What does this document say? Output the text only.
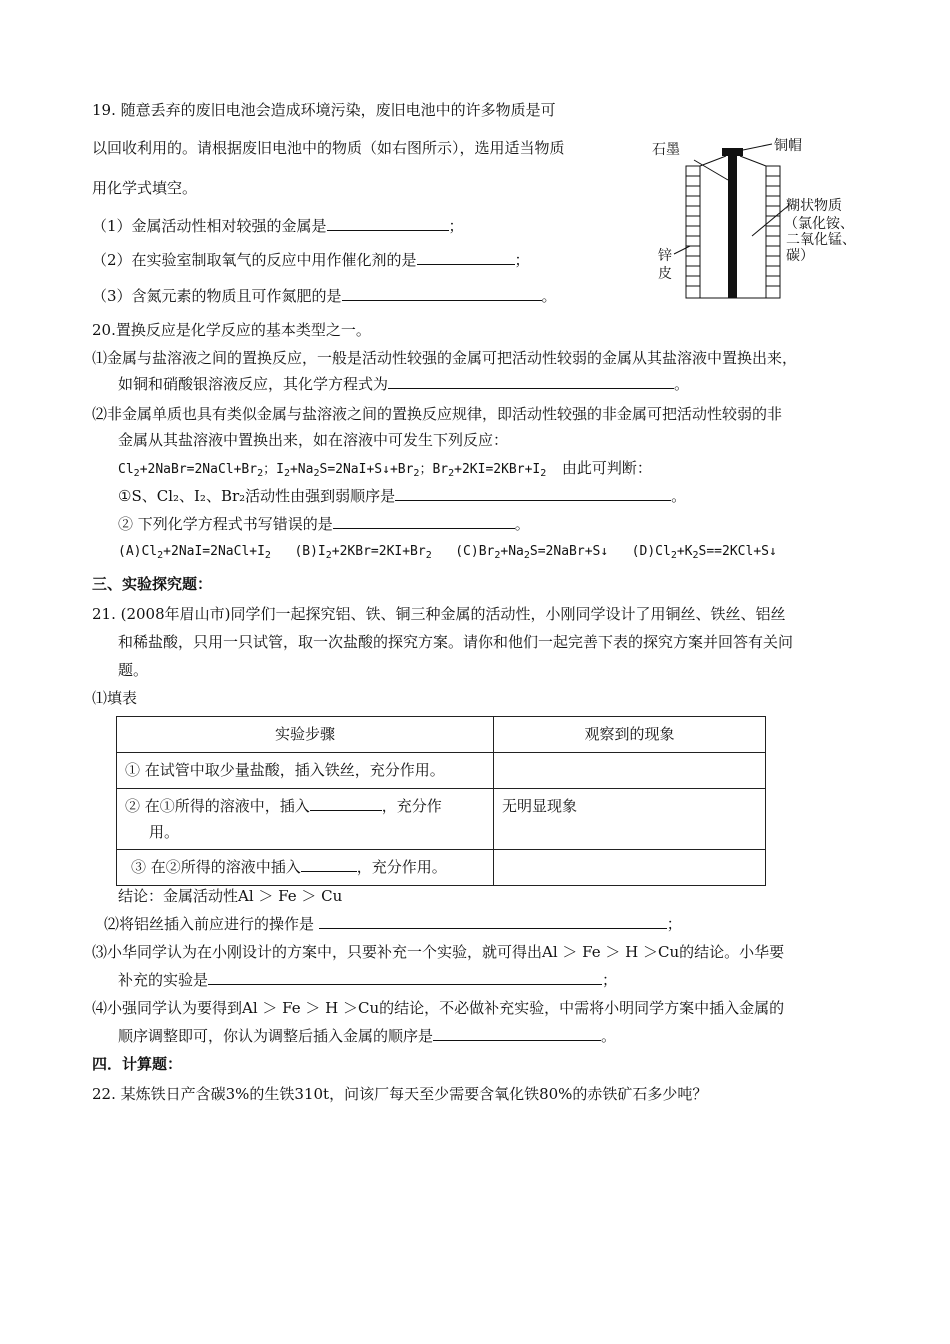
19. 随意丢弃的废旧电池会造成环境污染，废旧电池中的许多物质是可
以回收利用的。请根据废旧电池中的物质（如右图所示），选用适当物质
用化学式填空。
（1）金属活动性相对较强的金属是	；
（2）在实验室制取氧气的反应中用作催化剂的是	；
（3）含氮元素的物质且可作氮肥的是	。
石墨	铜帽
糊状物质
（氯化铵、
二氧化锰、
碳）
锌
皮
20.置换反应是化学反应的基本类型之一。
⑴金属与盐溶液之间的置换反应，一般是活动性较强的金属可把活动性较弱的金属从其盐溶液中置换出来，
如铜和硝酸银溶液反应，其化学方程式为	。
⑵非金属单质也具有类似金属与盐溶液之间的置换反应规律，即活动性较强的非金属可把活动性较弱的非
金属从其盐溶液中置换出来，如在溶液中可发生下列反应：
$Cl_2+2NaBr=2NaCl+Br_2$；$I_2+Na_2S=2NaI+S↓+Br_2$；$Br_2+2KI=2KBr+I_2$ 由此可判断：
①S、Cl₂、I₂、Br₂活动性由强到弱顺序是	。
② 下列化学方程式书写错误的是	。
$(A)Cl_2+2NaI=2NaCl+I_2$ $(B)I_2+2KBr=2KI+Br_2$ $(C)Br_2+Na_2S=2NaBr+S↓$ $(D)Cl_2+K_2S==2KCl+S↓$
三、实验探究题：
21. (2008年眉山市)同学们一起探究铝、铁、铜三种金属的活动性，小刚同学设计了用铜丝、铁丝、铝丝
和稀盐酸，只用一只试管，取一次盐酸的探究方案。请你和他们一起完善下表的探究方案并回答有关问
题。
⑴填表
实验步骤	观察到的现象
① 在试管中取少量盐酸，插入铁丝，充分作用。	
② 在①所得的溶液中，插入 ，充分作
用。	无明显现象
③ 在②所得的溶液中插入 ，充分作用。	
结论：金属活动性Al ＞ Fe ＞ Cu
⑵将铝丝插入前应进行的操作是	；
⑶小华同学认为在小刚设计的方案中，只要补充一个实验，就可得出Al ＞ Fe ＞ H ＞Cu的结论。小华要
补充的实验是	；
⑷小强同学认为要得到Al ＞ Fe ＞ H ＞Cu的结论，不必做补充实验，中需将小明同学方案中插入金属的
顺序调整即可，你认为调整后插入金属的顺序是	。
四．计算题：
22. 某炼铁日产含碳3%的生铁310t，问该厂每天至少需要含氧化铁80%的赤铁矿石多少吨？
